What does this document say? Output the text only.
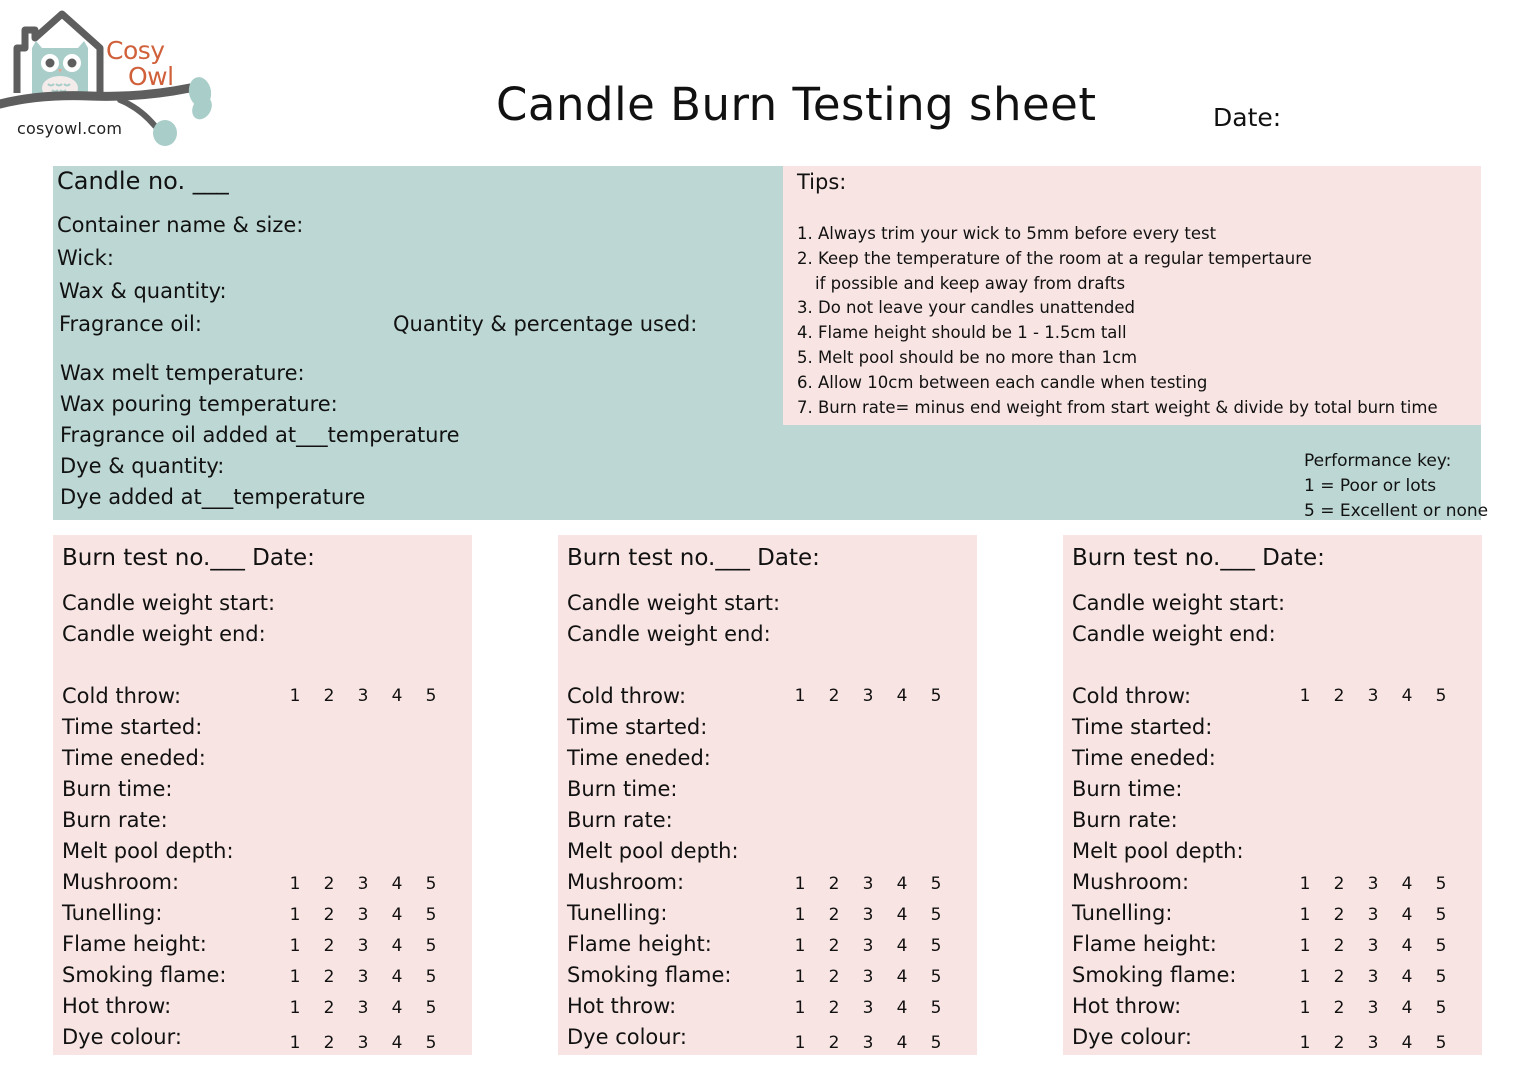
Cosy
Owl
cosyowl.com	Candle Burn Testing sheet	Date:
Candle no. ___
Container name & size:
Wick:
Wax & quantity:
Fragrance oil:	Quantity & percentage used:
Wax melt temperature:
Wax pouring temperature:
Fragrance oil added at___temperature
Dye & quantity:
Dye added at___temperature
Tips:
1. Always trim your wick to 5mm before every test
2. Keep the temperature of the room at a regular tempertaure
if possible and keep away from drafts
3. Do not leave your candles unattended
4. Flame height should be 1 - 1.5cm tall
5. Melt pool should be no more than 1cm
6. Allow 10cm between each candle when testing
7. Burn rate= minus end weight from start weight & divide by total burn time
Performance key:
1 = Poor or lots
5 = Excellent or none
Burn test no.___ Date:
Candle weight start:
Candle weight end:
Cold throw:	1 2 3 4 5
Time started:
Time eneded:
Burn time:
Burn rate:
Melt pool depth:
Mushroom:	1 2 3 4 5
Tunelling:	1 2 3 4 5
Flame height:	1 2 3 4 5
Smoking flame:	1 2 3 4 5
Hot throw:	1 2 3 4 5
Dye colour:	1 2 3 4 5
Burn test no.___ Date:
Candle weight start:
Candle weight end:
Cold throw:	1 2 3 4 5
Time started:
Time eneded:
Burn time:
Burn rate:
Melt pool depth:
Mushroom:	1 2 3 4 5
Tunelling:	1 2 3 4 5
Flame height:	1 2 3 4 5
Smoking flame:	1 2 3 4 5
Hot throw:	1 2 3 4 5
Dye colour:	1 2 3 4 5
Burn test no.___ Date:
Candle weight start:
Candle weight end:
Cold throw:	1 2 3 4 5
Time started:
Time eneded:
Burn time:
Burn rate:
Melt pool depth:
Mushroom:	1 2 3 4 5
Tunelling:	1 2 3 4 5
Flame height:	1 2 3 4 5
Smoking flame:	1 2 3 4 5
Hot throw:	1 2 3 4 5
Dye colour:	1 2 3 4 5
